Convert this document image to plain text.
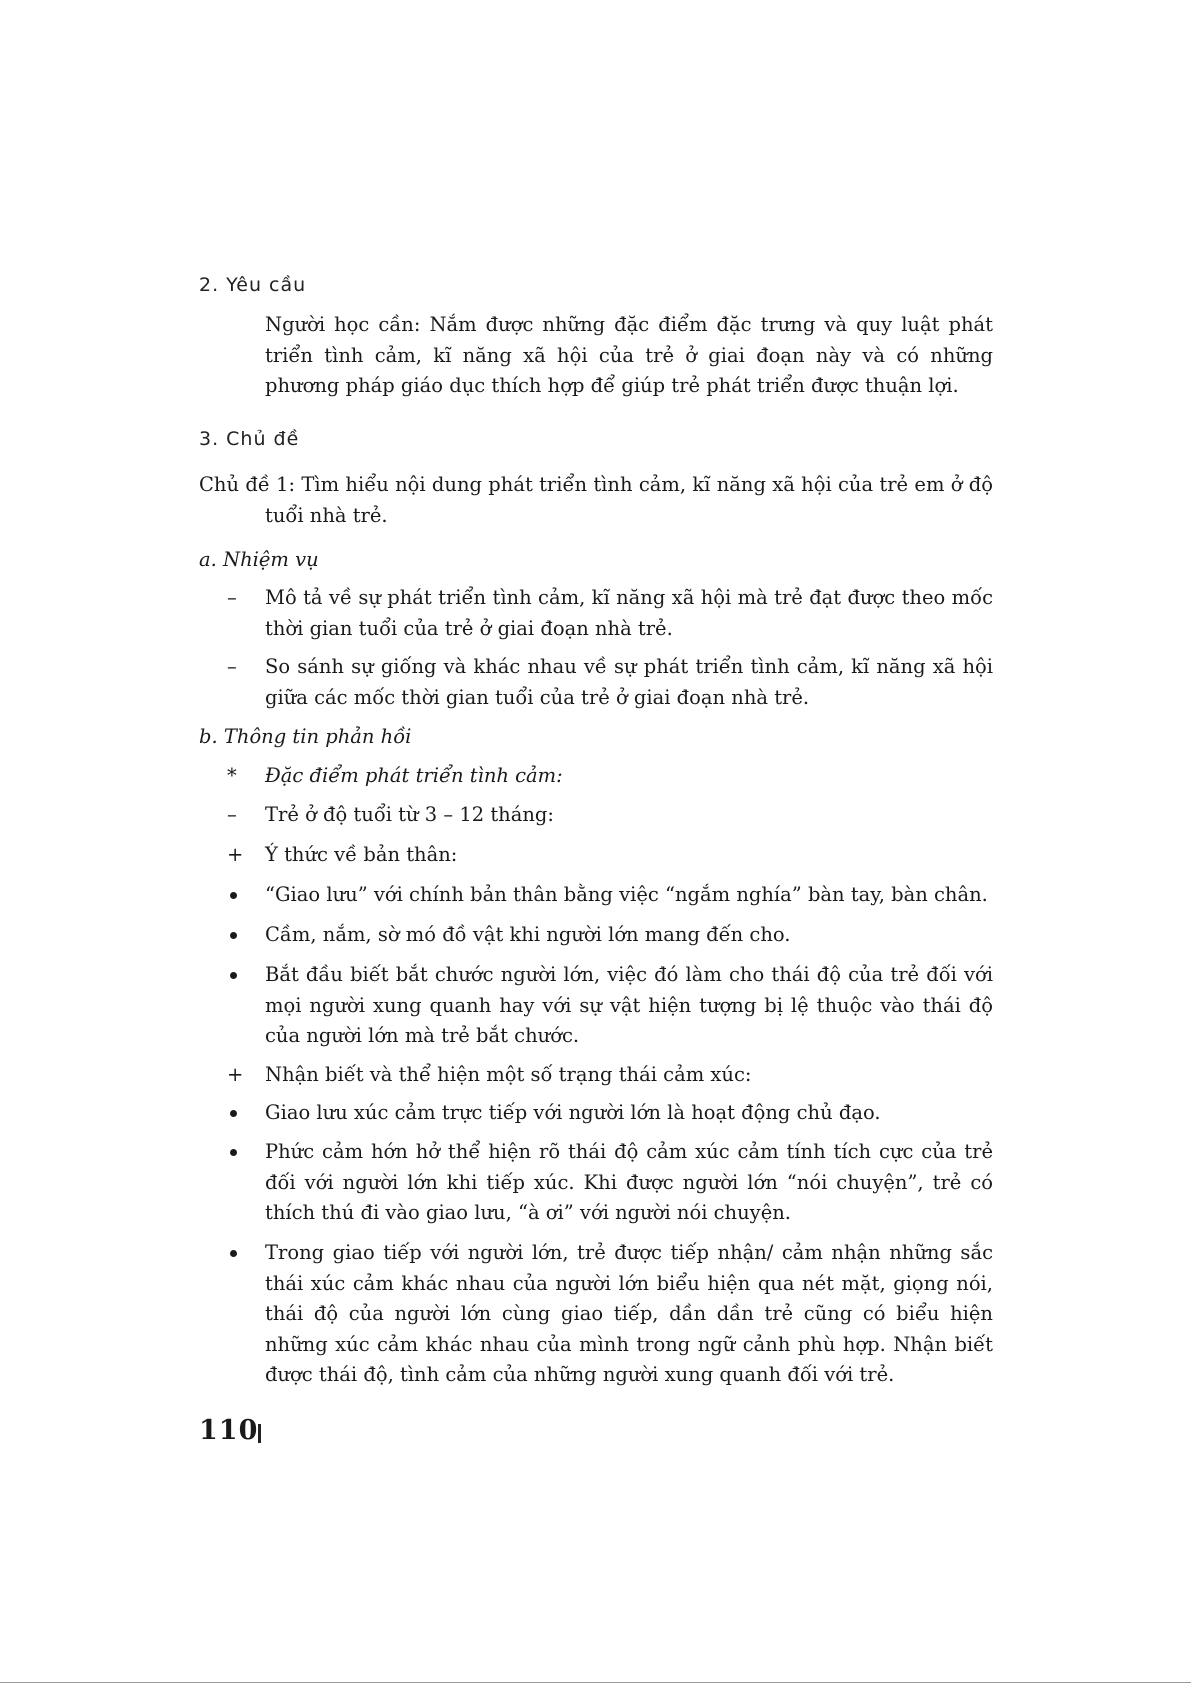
2. Yêu cầu

Người học cần: Nắm được những đặc điểm đặc trưng và quy luật phát triển tình cảm, kĩ năng xã hội của trẻ ở giai đoạn này và có những phương pháp giáo dục thích hợp để giúp trẻ phát triển được thuận lợi.

3. Chủ đề

Chủ đề 1: Tìm hiểu nội dung phát triển tình cảm, kĩ năng xã hội của trẻ em ở độ tuổi nhà trẻ.

a. Nhiệm vụ
–	Mô tả về sự phát triển tình cảm, kĩ năng xã hội mà trẻ đạt được theo mốc thời gian tuổi của trẻ ở giai đoạn nhà trẻ.
–	So sánh sự giống và khác nhau về sự phát triển tình cảm, kĩ năng xã hội giữa các mốc thời gian tuổi của trẻ ở giai đoạn nhà trẻ.
b. Thông tin phản hồi
*	Đặc điểm phát triển tình cảm:
–	Trẻ ở độ tuổi từ 3 – 12 tháng:
+	Ý thức về bản thân:
“Giao lưu” với chính bản thân bằng việc “ngắm nghía” bàn tay, bàn chân.
Cầm, nắm, sờ mó đồ vật khi người lớn mang đến cho.
Bắt đầu biết bắt chước người lớn, việc đó làm cho thái độ của trẻ đối với mọi người xung quanh hay với sự vật hiện tượng bị lệ thuộc vào thái độ của người lớn mà trẻ bắt chước.
+	Nhận biết và thể hiện một số trạng thái cảm xúc:
Giao lưu xúc cảm trực tiếp với người lớn là hoạt động chủ đạo.
Phức cảm hớn hở thể hiện rõ thái độ cảm xúc cảm tính tích cực của trẻ đối với người lớn khi tiếp xúc. Khi được người lớn “nói chuyện”, trẻ có thích thú đi vào giao lưu, “à ơi” với người nói chuyện.
Trong giao tiếp với người lớn, trẻ được tiếp nhận/ cảm nhận những sắc thái xúc cảm khác nhau của người lớn biểu hiện qua nét mặt, giọng nói, thái độ của người lớn cùng giao tiếp, dần dần trẻ cũng có biểu hiện những xúc cảm khác nhau của mình trong ngữ cảnh phù hợp. Nhận biết được thái độ, tình cảm của những người xung quanh đối với trẻ.
110
